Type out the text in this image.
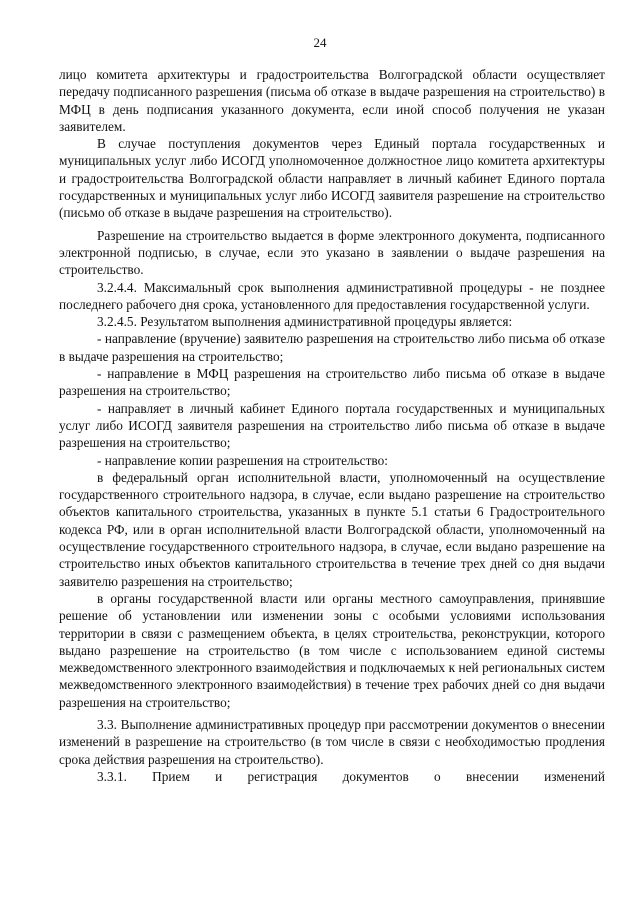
24

лицо комитета архитектуры и градостроительства Волгоградской области осуществляет передачу подписанного разрешения (письма об отказе в выдаче разрешения на строительство) в МФЦ в день подписания указанного документа, если иной способ получения не указан заявителем.

В случае поступления документов через Единый портала государственных и муниципальных услуг либо ИСОГД уполномоченное должностное лицо комитета архитектуры и градостроительства Волгоградской области направляет в личный кабинет Единого портала государственных и муниципальных услуг либо ИСОГД заявителя разрешение на строительство (письмо об отказе в выдаче разрешения на строительство).

Разрешение на строительство выдается в форме электронного документа, подписанного электронной подписью, в случае, если это указано в заявлении о выдаче разрешения на строительство.

3.2.4.4. Максимальный срок выполнения административной процедуры - не позднее последнего рабочего дня срока, установленного для предоставления государственной услуги.

3.2.4.5. Результатом выполнения административной процедуры является:

- направление (вручение) заявителю разрешения на строительство либо письма об отказе в выдаче разрешения на строительство;

- направление в МФЦ разрешения на строительство либо письма об отказе в выдаче разрешения на строительство;

- направляет в личный кабинет Единого портала государственных и муниципальных услуг либо ИСОГД заявителя разрешения на строительство либо письма об отказе в выдаче разрешения на строительство;

- направление копии разрешения на строительство:

в федеральный орган исполнительной власти, уполномоченный на осуществление государственного строительного надзора, в случае, если выдано разрешение на строительство объектов капитального строительства, указанных в пункте 5.1 статьи 6 Градостроительного кодекса РФ, или в орган исполнительной власти Волгоградской области, уполномоченный на осуществление государственного строительного надзора, в случае, если выдано разрешение на строительство иных объектов капитального строительства в течение трех дней со дня выдачи заявителю разрешения на строительство;

в органы государственной власти или органы местного самоуправления, принявшие решение об установлении или изменении зоны с особыми условиями использования территории в связи с размещением объекта, в целях строительства, реконструкции, которого выдано разрешение на строительство (в том числе с использованием единой системы межведомственного электронного взаимодействия и подключаемых к ней региональных систем межведомственного электронного взаимодействия) в течение трех рабочих дней со дня выдачи разрешения на строительство;

3.3. Выполнение административных процедур при рассмотрении документов о внесении изменений в разрешение на строительство (в том числе в связи с необходимостью продления срока действия разрешения на строительство).

3.3.1. Прием и регистрация документов о внесении изменений
